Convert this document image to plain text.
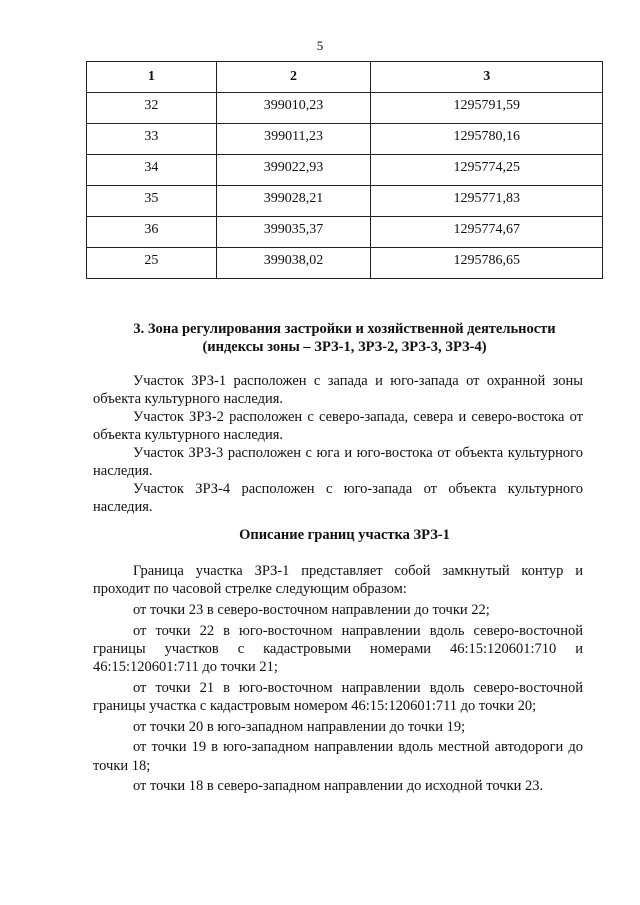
5
1	2	3
32	399010,23	1295791,59
33	399011,23	1295780,16
34	399022,93	1295774,25
35	399028,21	1295771,83
36	399035,37	1295774,67
25	399038,02	1295786,65
3. Зона регулирования застройки и хозяйственной деятельности
(индексы зоны – ЗРЗ-1, ЗРЗ-2, ЗРЗ-3, ЗРЗ-4)

Участок ЗРЗ-1 расположен с запада и юго-запада от охранной зоны объекта культурного наследия.

Участок ЗРЗ-2 расположен с северо-запада, севера и северо-востока от объекта культурного наследия.

Участок ЗРЗ-3 расположен с юга и юго-востока от объекта культурного наследия.

Участок ЗРЗ-4 расположен с юго-запада от объекта культурного наследия.

Описание границ участка ЗРЗ-1

Граница участка ЗРЗ-1 представляет собой замкнутый контур и проходит по часовой стрелке следующим образом:

от точки 23 в северо-восточном направлении до точки 22;

от точки 22 в юго-восточном направлении вдоль северо-восточной границы участков с кадастровыми номерами 46:15:120601:710 и 46:15:120601:711 до точки 21;

от точки 21 в юго-восточном направлении вдоль северо-восточной границы участка с кадастровым номером 46:15:120601:711 до точки 20;

от точки 20 в юго-западном направлении до точки 19;

от точки 19 в юго-западном направлении вдоль местной автодороги до точки 18;

от точки 18 в северо-западном направлении до исходной точки 23.
